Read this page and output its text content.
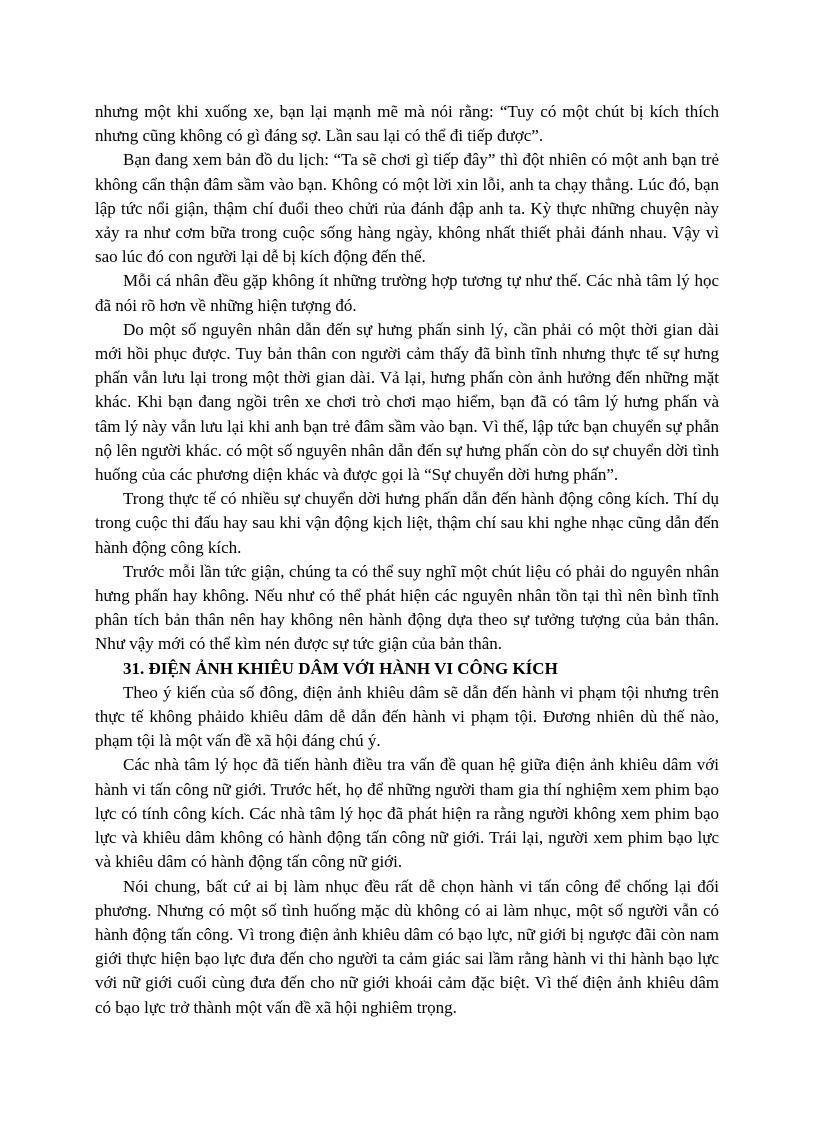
nhưng một khi xuống xe, bạn lại mạnh mẽ mà nói rằng: “Tuy có một chút bị kích thích nhưng cũng không có gì đáng sợ. Lần sau lại có thể đi tiếp được”.

Bạn đang xem bản đồ du lịch: “Ta sẽ chơi gì tiếp đây” thì đột nhiên có một anh bạn trẻ không cẩn thận đâm sầm vào bạn. Không có một lời xin lỗi, anh ta chạy thẳng. Lúc đó, bạn lập tức nổi giận, thậm chí đuổi theo chửi rủa đánh đập anh ta. Kỳ thực những chuyện này xảy ra như cơm bữa trong cuộc sống hàng ngày, không nhất thiết phải đánh nhau. Vậy vì sao lúc đó con người lại dễ bị kích động đến thế.

Mỗi cá nhân đều gặp không ít những trường hợp tương tự như thế. Các nhà tâm lý học đã nói rõ hơn về những hiện tượng đó.

Do một số nguyên nhân dẫn đến sự hưng phấn sinh lý, cần phải có một thời gian dài mới hồi phục được. Tuy bản thân con người cảm thấy đã bình tĩnh nhưng thực tế sự hưng phấn vẫn lưu lại trong một thời gian dài. Vả lại, hưng phấn còn ảnh hưởng đến những mặt khác. Khi bạn đang ngồi trên xe chơi trò chơi mạo hiểm, bạn đã có tâm lý hưng phấn và tâm lý này vẫn lưu lại khi anh bạn trẻ đâm sầm vào bạn. Vì thế, lập tức bạn chuyển sự phẫn nộ lên người khác. có một số nguyên nhân dẫn đến sự hưng phấn còn do sự chuyển dời tình huống của các phương diện khác và được gọi là “Sự chuyển dời hưng phấn”.

Trong thực tế có nhiều sự chuyển dời hưng phấn dẫn đến hành động công kích. Thí dụ trong cuộc thi đấu hay sau khi vận động kịch liệt, thậm chí sau khi nghe nhạc cũng dẫn đến hành động công kích.

Trước mỗi lần tức giận, chúng ta có thể suy nghĩ một chút liệu có phải do nguyên nhân hưng phấn hay không. Nếu như có thể phát hiện các nguyên nhân tồn tại thì nên bình tĩnh phân tích bản thân nên hay không nên hành động dựa theo sự tưởng tượng của bản thân. Như vậy mới có thể kìm nén được sự tức giận của bản thân.

31. ĐIỆN ẢNH KHIÊU DÂM VỚI HÀNH VI CÔNG KÍCH

Theo ý kiến của số đông, điện ảnh khiêu dâm sẽ dẫn đến hành vi phạm tội nhưng trên thực tế không phảido khiêu dâm dễ dẫn đến hành vi phạm tội. Đương nhiên dù thế nào, phạm tội là một vấn đề xã hội đáng chú ý.

Các nhà tâm lý học đã tiến hành điều tra vấn đề quan hệ giữa điện ảnh khiêu dâm với hành vi tấn công nữ giới. Trước hết, họ để những người tham gia thí nghiệm xem phim bạo lực có tính công kích. Các nhà tâm lý học đã phát hiện ra rằng người không xem phim bạo lực và khiêu dâm không có hành động tấn công nữ giới. Trái lại, người xem phim bạo lực và khiêu dâm có hành động tấn công nữ giới.

Nói chung, bất cứ ai bị làm nhục đều rất dễ chọn hành vi tấn công để chống lại đối phương. Nhưng có một số tình huống mặc dù không có ai làm nhục, một số người vẫn có hành động tấn công. Vì trong điện ảnh khiêu dâm có bạo lực, nữ giới bị ngược đãi còn nam giới thực hiện bạo lực đưa đến cho người ta cảm giác sai lầm rằng hành vi thi hành bạo lực với nữ giới cuối cùng đưa đến cho nữ giới khoái cảm đặc biệt. Vì thế điện ảnh khiêu dâm có bạo lực trở thành một vấn đề xã hội nghiêm trọng.
